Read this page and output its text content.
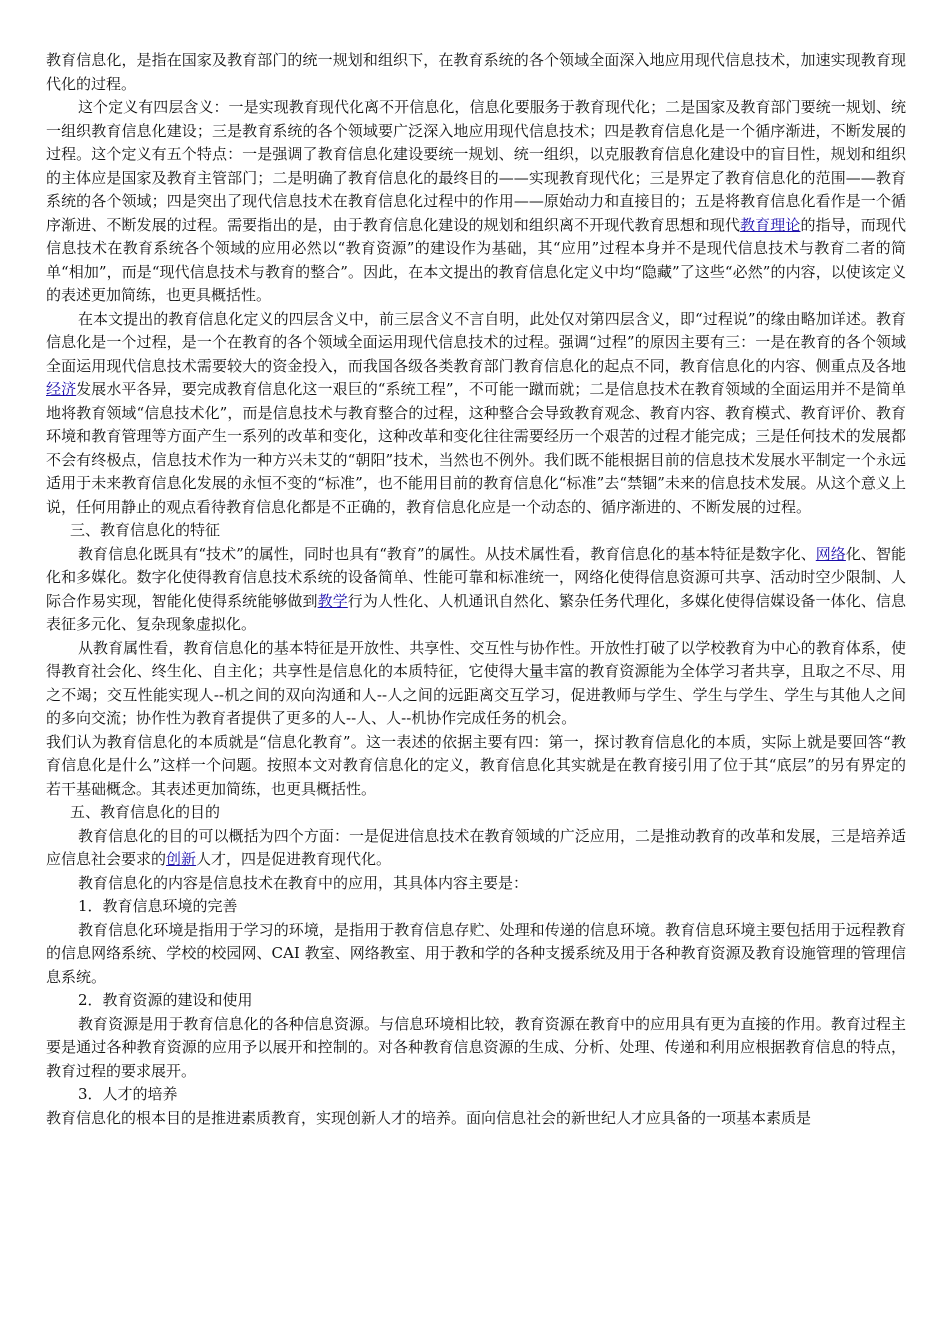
教育信息化，是指在国家及教育部门的统一规划和组织下，在教育系统的各个领域全面深入地应用现代信息技术，加速实现教育现代化的过程。

这个定义有四层含义：一是实现教育现代化离不开信息化，信息化要服务于教育现代化；二是国家及教育部门要统一规划、统一组织教育信息化建设；三是教育系统的各个领域要广泛深入地应用现代信息技术；四是教育信息化是一个循序渐进，不断发展的过程。这个定义有五个特点：一是强调了教育信息化建设要统一规划、统一组织，以克服教育信息化建设中的盲目性，规划和组织的主体应是国家及教育主管部门；二是明确了教育信息化的最终目的——实现教育现代化；三是界定了教育信息化的范围——教育系统的各个领域；四是突出了现代信息技术在教育信息化过程中的作用——原始动力和直接目的；五是将教育信息化看作是一个循序渐进、不断发展的过程。需要指出的是，由于教育信息化建设的规划和组织离不开现代教育思想和现代教育理论的指导，而现代信息技术在教育系统各个领域的应用必然以“教育资源”的建设作为基础，其“应用”过程本身并不是现代信息技术与教育二者的简单“相加”，而是“现代信息技术与教育的整合”。因此，在本文提出的教育信息化定义中均“隐藏”了这些“必然”的内容，以使该定义的表述更加简练，也更具概括性。

在本文提出的教育信息化定义的四层含义中，前三层含义不言自明，此处仅对第四层含义，即“过程说”的缘由略加详述。教育信息化是一个过程，是一个在教育的各个领域全面运用现代信息技术的过程。强调“过程”的原因主要有三：一是在教育的各个领域全面运用现代信息技术需要较大的资金投入，而我国各级各类教育部门教育信息化的起点不同，教育信息化的内容、侧重点及各地经济发展水平各异，要完成教育信息化这一艰巨的“系统工程”，不可能一蹴而就；二是信息技术在教育领域的全面运用并不是简单地将教育领域“信息技术化”，而是信息技术与教育整合的过程，这种整合会导致教育观念、教育内容、教育模式、教育评价、教育环境和教育管理等方面产生一系列的改革和变化，这种改革和变化往往需要经历一个艰苦的过程才能完成；三是任何技术的发展都不会有终极点，信息技术作为一种方兴未艾的“朝阳”技术，当然也不例外。我们既不能根据目前的信息技术发展水平制定一个永远适用于未来教育信息化发展的永恒不变的“标准”，也不能用目前的教育信息化“标准”去“禁锢”未来的信息技术发展。从这个意义上说，任何用静止的观点看待教育信息化都是不正确的，教育信息化应是一个动态的、循序渐进的、不断发展的过程。

三、教育信息化的特征

教育信息化既具有“技术”的属性，同时也具有“教育”的属性。从技术属性看，教育信息化的基本特征是数字化、网络化、智能化和多媒化。数字化使得教育信息技术系统的设备简单、性能可靠和标准统一，网络化使得信息资源可共享、活动时空少限制、人际合作易实现，智能化使得系统能够做到教学行为人性化、人机通讯自然化、繁杂任务代理化，多媒化使得信媒设备一体化、信息表征多元化、复杂现象虚拟化。

从教育属性看，教育信息化的基本特征是开放性、共享性、交互性与协作性。开放性打破了以学校教育为中心的教育体系，使得教育社会化、终生化、自主化；共享性是信息化的本质特征，它使得大量丰富的教育资源能为全体学习者共享，且取之不尽、用之不竭；交互性能实现人--机之间的双向沟通和人--人之间的远距离交互学习，促进教师与学生、学生与学生、学生与其他人之间的多向交流；协作性为教育者提供了更多的人--人、人--机协作完成任务的机会。

我们认为教育信息化的本质就是“信息化教育”。这一表述的依据主要有四：第一，探讨教育信息化的本质，实际上就是要回答“教育信息化是什么”这样一个问题。按照本文对教育信息化的定义，教育信息化其实就是在教育接引用了位于其“底层”的另有界定的若干基础概念。其表述更加简练，也更具概括性。

五、教育信息化的目的

教育信息化的目的可以概括为四个方面：一是促进信息技术在教育领域的广泛应用，二是推动教育的改革和发展，三是培养适应信息社会要求的创新人才，四是促进教育现代化。

教育信息化的内容是信息技术在教育中的应用，其具体内容主要是：

1．教育信息环境的完善

教育信息化环境是指用于学习的环境，是指用于教育信息存贮、处理和传递的信息环境。教育信息环境主要包括用于远程教育的信息网络系统、学校的校园网、CAI 教室、网络教室、用于教和学的各种支援系统及用于各种教育资源及教育设施管理的管理信息系统。

2．教育资源的建设和使用

教育资源是用于教育信息化的各种信息资源。与信息环境相比较，教育资源在教育中的应用具有更为直接的作用。教育过程主要是通过各种教育资源的应用予以展开和控制的。对各种教育信息资源的生成、分析、处理、传递和利用应根据教育信息的特点，教育过程的要求展开。

3．人才的培养

教育信息化的根本目的是推进素质教育，实现创新人才的培养。面向信息社会的新世纪人才应具备的一项基本素质是
